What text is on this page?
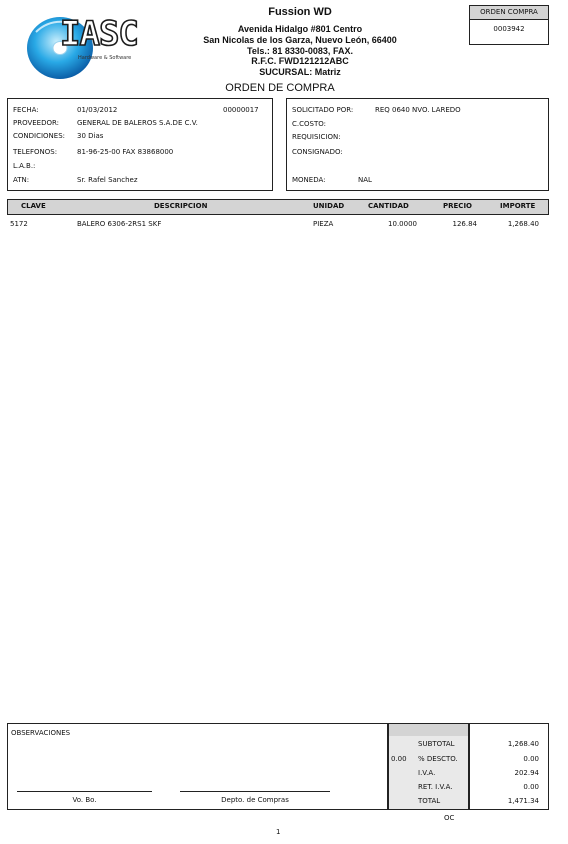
IASC
Hardware & Software
Fussion WD
Avenida Hidalgo #801 Centro
San Nicolas de los Garza, Nuevo León, 66400
Tels.: 81 8330-0083, FAX.
R.F.C. FWD121212ABC
SUCURSAL: Matriz
ORDEN DE COMPRA
ORDEN COMPRA
0003942
FECHA:	01/03/2012	00000017
PROVEEDOR:	GENERAL DE BALEROS S.A.DE C.V.
CONDICIONES: 30 Dias
TELEFONOS:	81-96-25-00 FAX 83868000
L.A.B.:
ATN:	Sr. Rafel Sanchez
SOLICITADO POR:	REQ 0640 NVO. LAREDO
C.COSTO:
REQUISICION:
CONSIGNADO:
MONEDA:	NAL
CLAVE	DESCRIPCION	UNIDAD	CANTIDAD	PRECIO	IMPORTE
5172	BALERO 6306-2RS1 SKF	PIEZA	10.0000	126.84	1,268.40
OBSERVACIONES
Vo. Bo.	Depto. de Compras
0.00
SUBTOTAL	1,268.40
% DESCTO.	0.00
I.V.A.	202.94
RET. I.V.A.	0.00
TOTAL	1,471.34
OC
1
